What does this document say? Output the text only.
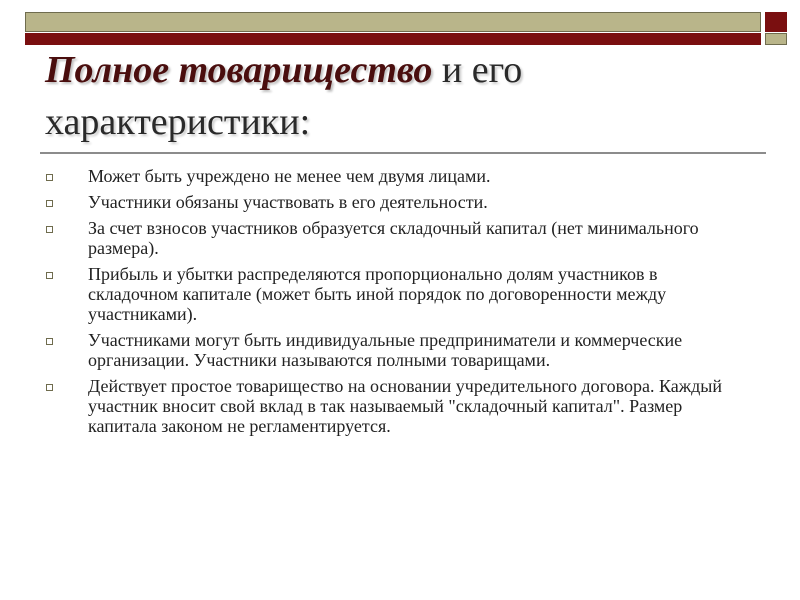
Полное товарищество и его
характеристики:
Может быть учреждено не менее чем двумя лицами.
Участники обязаны участвовать в его деятельности.
За счет взносов участников образуется складочный капитал (нет минимального размера).
Прибыль и убытки распределяются пропорционально долям участников в складочном капитале (может быть иной порядок по договоренности между участниками).
Участниками могут быть индивидуальные предприниматели и коммерческие организации. Участники называются полными товарищами.
Действует простое товарищество на основании учредительного договора. Каждый участник вносит свой вклад в так называемый "складочный капитал". Размер капитала законом не регламентируется.
